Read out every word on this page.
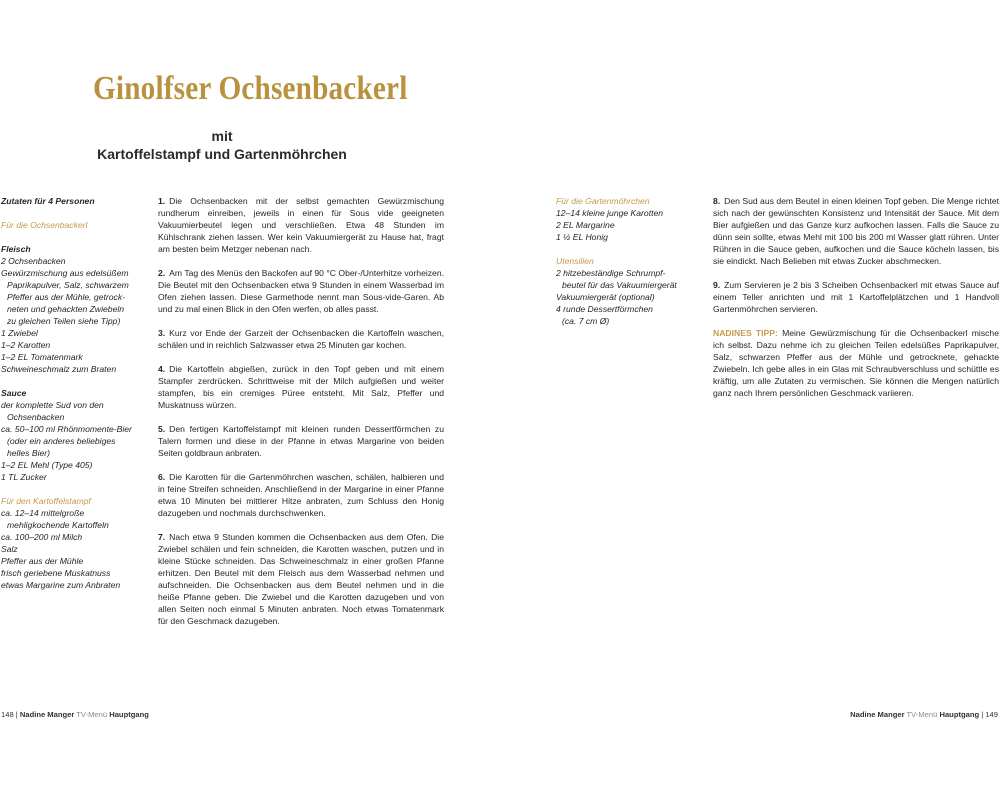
Ginolfser Ochsenbackerl
mit
Kartoffelstampf und Gartenmöhrchen
Zutaten für 4 Personen
Für die Ochsenbackerl
Fleisch
2 Ochsenbacken
Gewürzmischung aus edelsüßem
Paprikapulver, Salz, schwarzem
Pfeffer aus der Mühle, getrock-
neten und gehackten Zwiebeln
zu gleichen Teilen siehe Tipp)
1 Zwiebel
1–2 Karotten
1–2 EL Tomatenmark
Schweineschmalz zum Braten
Sauce
der komplette Sud von den
Ochsenbacken
ca. 50–100 ml Rhönmomente-Bier
(oder ein anderes beliebiges
helles Bier)
1–2 EL Mehl (Type 405)
1 TL Zucker
Für den Kartoffelstampf
ca. 12–14 mittelgroße
mehligkochende Kartoffeln
ca. 100–200 ml Milch
Salz
Pfeffer aus der Mühle
frisch geriebene Muskatnuss
etwas Margarine zum Anbraten

1. Die Ochsenbacken mit der selbst gemachten Gewürzmischung rundherum einreiben, jeweils in einen für Sous vide geeigneten Vakuumierbeutel legen und verschließen. Etwa 48 Stunden im Kühlschrank ziehen lassen. Wer kein Vakuumiergerät zu Hause hat, fragt am besten beim Metzger nebenan nach.

2. Am Tag des Menüs den Backofen auf 90 °C Ober-/Unterhitze vorheizen. Die Beutel mit den Ochsenbacken etwa 9 Stunden in einem Wasserbad im Ofen ziehen lassen. Diese Garmethode nennt man Sous-vide-Garen. Ab und zu mal einen Blick in den Ofen werfen, ob alles passt.

3. Kurz vor Ende der Garzeit der Ochsenbacken die Kartoffeln waschen, schälen und in reichlich Salzwasser etwa 25 Minuten gar kochen.

4. Die Kartoffeln abgießen, zurück in den Topf geben und mit einem Stampfer zerdrücken. Schrittweise mit der Milch aufgießen und weiter stampfen, bis ein cremiges Püree entsteht. Mit Salz, Pfeffer und Muskatnuss würzen.

5. Den fertigen Kartoffelstampf mit kleinen runden Dessertförmchen zu Talern formen und diese in der Pfanne in etwas Margarine von beiden Seiten goldbraun anbraten.

6. Die Karotten für die Gartenmöhrchen waschen, schälen, halbieren und in feine Streifen schneiden. Anschließend in der Margarine in einer Pfanne etwa 10 Minuten bei mittlerer Hitze anbraten, zum Schluss den Honig dazugeben und nochmals durchschwenken.

7. Nach etwa 9 Stunden kommen die Ochsenbacken aus dem Ofen. Die Zwiebel schälen und fein schneiden, die Karotten waschen, putzen und in kleine Stücke schneiden. Das Schweineschmalz in einer großen Pfanne erhitzen. Den Beutel mit dem Fleisch aus dem Wasserbad nehmen und aufschneiden. Die Ochsenbacken aus dem Beutel nehmen und in die heiße Pfanne geben. Die Zwiebel und die Karotten dazugeben und von allen Seiten noch einmal 5 Minuten anbraten. Noch etwas Tomatenmark für den Geschmack dazugeben.

Für die Gartenmöhrchen
12–14 kleine junge Karotten
2 EL Margarine
1 ½ EL Honig
Utensilien
2 hitzebeständige Schrumpf-
beutel für das Vakuumiergerät
Vakuumiergerät (optional)
4 runde Dessertförmchen
(ca. 7 cm Ø)

8. Den Sud aus dem Beutel in einen kleinen Topf geben. Die Menge richtet sich nach der gewünschten Konsistenz und Intensität der Sauce. Mit dem Bier aufgießen und das Ganze kurz aufkochen lassen. Falls die Sauce zu dünn sein sollte, etwas Mehl mit 100 bis 200 ml Wasser glatt rühren. Unter Rühren in die Sauce geben, aufkochen und die Sauce köcheln lassen, bis sie eindickt. Nach Belieben mit etwas Zucker abschmecken.

9. Zum Servieren je 2 bis 3 Scheiben Ochsenbackerl mit etwas Sauce auf einem Teller anrichten und mit 1 Kartoffelplätzchen und 1 Handvoll Gartenmöhrchen servieren.

NADINES TIPP: Meine Gewürzmischung für die Ochsenbackerl mische ich selbst. Dazu nehme ich zu gleichen Teilen edelsüßes Paprikapulver, Salz, schwarzen Pfeffer aus der Mühle und getrocknete, gehackte Zwiebeln. Ich gebe alles in ein Glas mit Schraubverschluss und schüttle es kräftig, um alle Zutaten zu vermischen. Sie können die Mengen natürlich ganz nach Ihrem persönlichen Geschmack variieren.

148 | Nadine Manger TV-Menü Hauptgang	Nadine Manger TV-Menü Hauptgang | 149
